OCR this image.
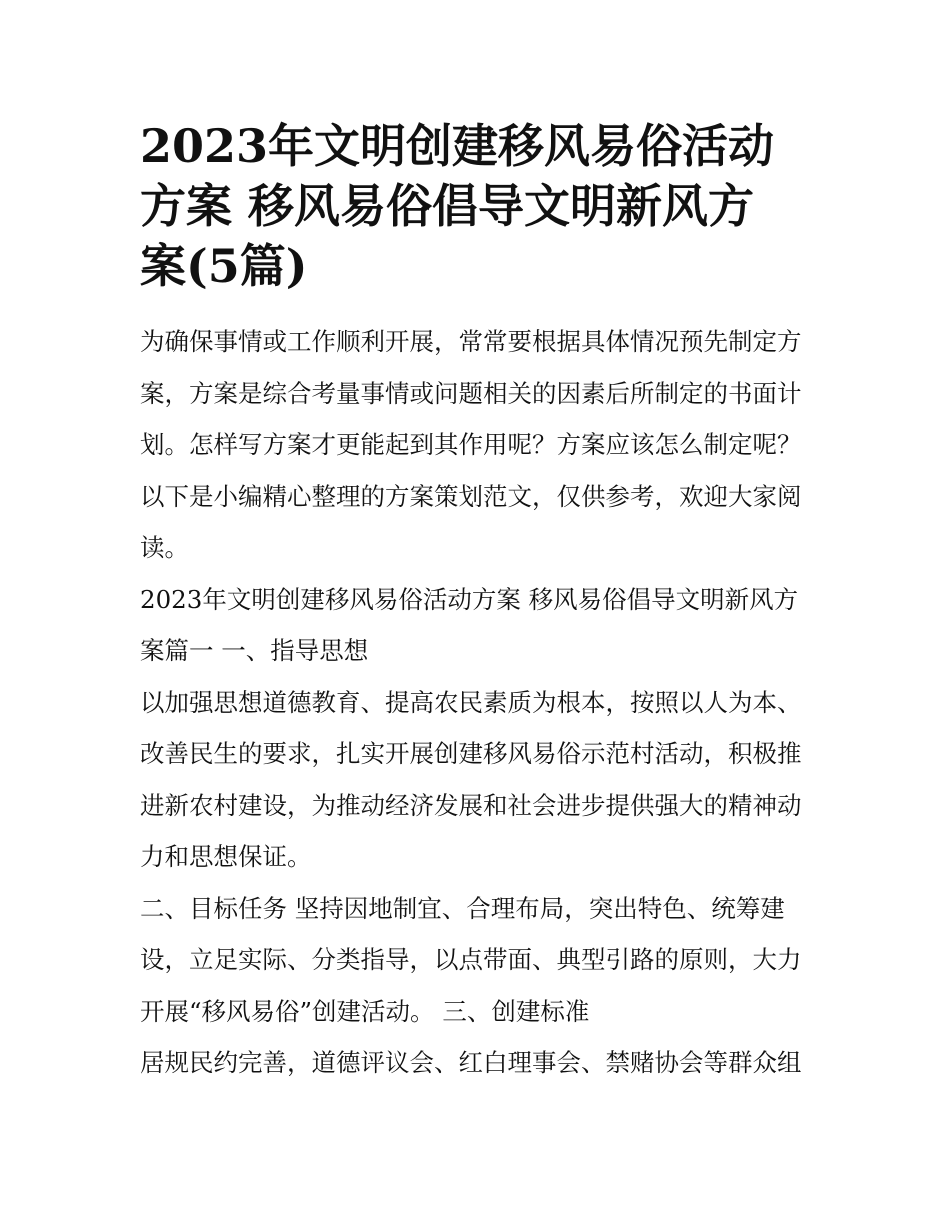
2023年文明创建移风易俗活动
方案 移风易俗倡导文明新风方
案(5篇)

为确保事情或工作顺利开展，常常要根据具体情况预先制定方
案，方案是综合考量事情或问题相关的因素后所制定的书面计
划。怎样写方案才更能起到其作用呢？方案应该怎么制定呢？
以下是小编精心整理的方案策划范文，仅供参考，欢迎大家阅
读。

2023年文明创建移风易俗活动方案 移风易俗倡导文明新风方
案篇一 一、指导思想

以加强思想道德教育、提高农民素质为根本，按照以人为本、
改善民生的要求，扎实开展创建移风易俗示范村活动，积极推
进新农村建设，为推动经济发展和社会进步提供强大的精神动
力和思想保证。

二、目标任务 坚持因地制宜、合理布局，突出特色、统筹建
设，立足实际、分类指导，以点带面、典型引路的原则，大力
开展“移风易俗”创建活动。 三、创建标准

居规民约完善，道德评议会、红白理事会、禁赌协会等群众组
